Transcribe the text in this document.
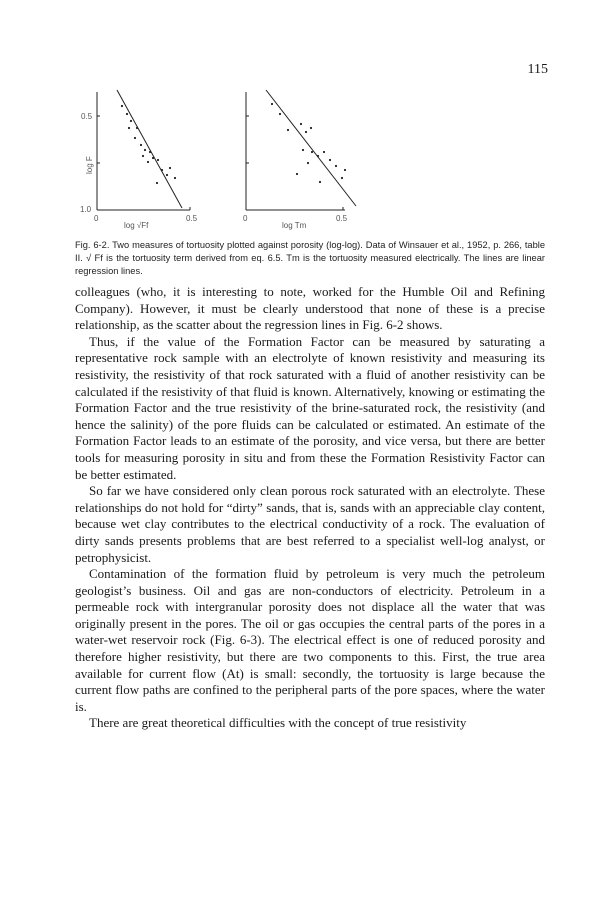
115
0.5
1.0
log F
0	0.5
log √Ff
0	0.5
log Tm
Fig. 6-2. Two measures of tortuosity plotted against porosity (log-log). Data of Winsauer et al., 1952, p. 266, table II. √ Ff is the tortuosity term derived from eq. 6.5. Tm is the tortuosity measured electrically. The lines are linear regression lines.

colleagues (who, it is interesting to note, worked for the Humble Oil and Refining Company). However, it must be clearly understood that none of these is a precise relationship, as the scatter about the regression lines in Fig. 6-2 shows.

Thus, if the value of the Formation Factor can be measured by saturating a representative rock sample with an electrolyte of known resistivity and measuring its resistivity, the resistivity of that rock saturated with a fluid of another resistivity can be calculated if the resistivity of that fluid is known. Alternatively, knowing or estimating the Formation Factor and the true resistivity of the brine-saturated rock, the resistivity (and hence the salinity) of the pore fluids can be calculated or estimated. An estimate of the Formation Factor leads to an estimate of the porosity, and vice versa, but there are better tools for measuring porosity in situ and from these the Formation Resistivity Factor can be better estimated.

So far we have considered only clean porous rock saturated with an electrolyte. These relationships do not hold for “dirty” sands, that is, sands with an appreciable clay content, because wet clay contributes to the electrical conductivity of a rock. The evaluation of dirty sands presents problems that are best referred to a specialist well-log analyst, or petrophysicist.

Contamination of the formation fluid by petroleum is very much the petroleum geologist’s business. Oil and gas are non-conductors of electricity. Petroleum in a permeable rock with intergranular porosity does not displace all the water that was originally present in the pores. The oil or gas occupies the central parts of the pores in a water-wet reservoir rock (Fig. 6-3). The electrical effect is one of reduced porosity and therefore higher resistivity, but there are two components to this. First, the true area available for current flow (At) is small: secondly, the tortuosity is large because the current flow paths are confined to the peripheral parts of the pore spaces, where the water is.

There are great theoretical difficulties with the concept of true resistivity
